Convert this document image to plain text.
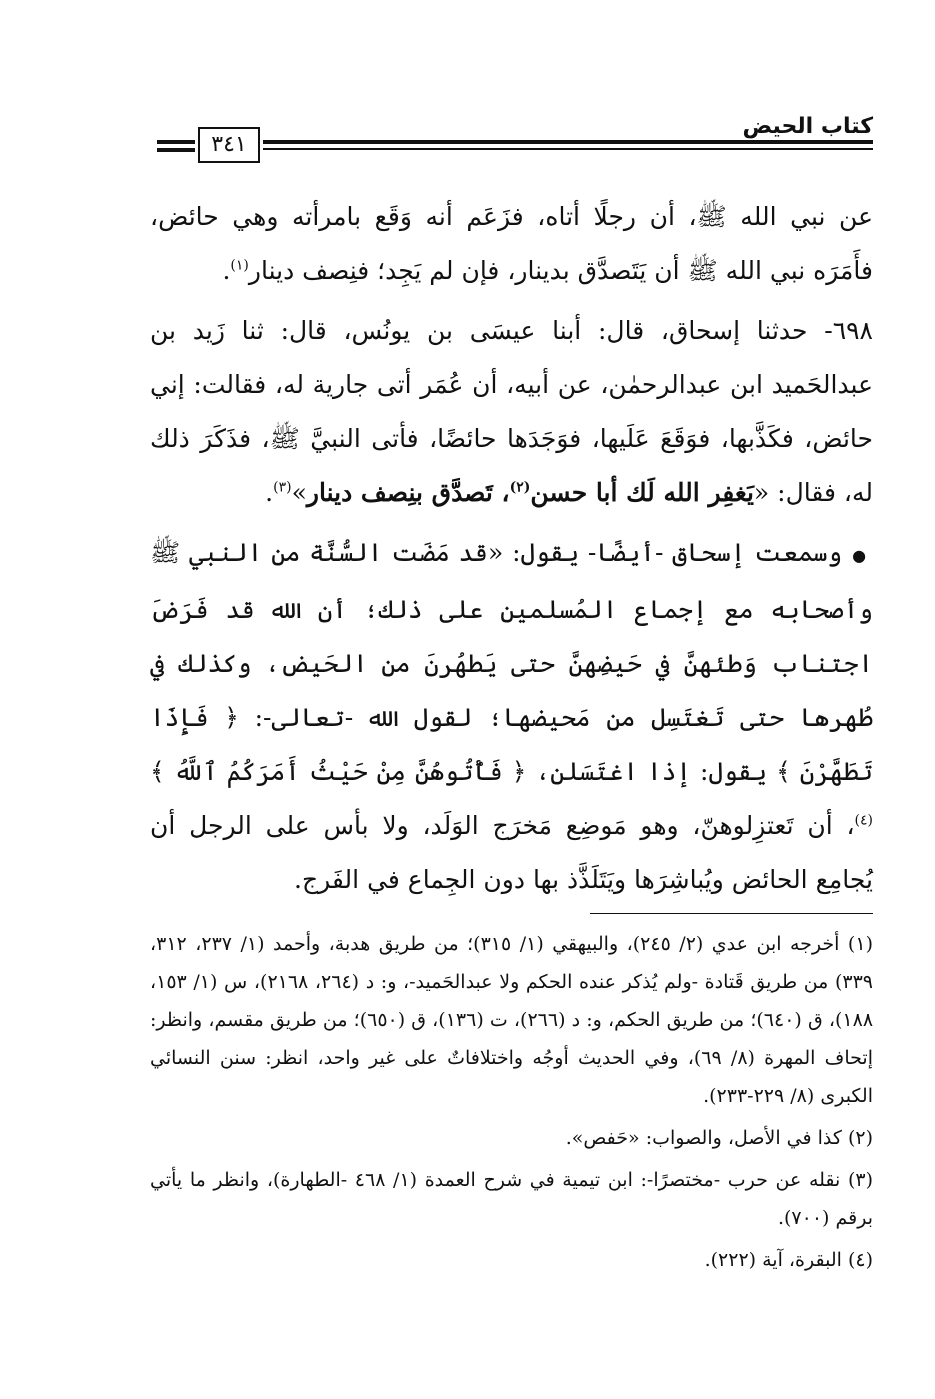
كتاب الحيض
٣٤١

عن نبي الله ﷺ، أن رجلًا أتاه، فزَعَم أنه وَقَع بامرأته وهي حائض، فأَمَرَه نبي الله ﷺ أن يَتَصدَّق بدينار، فإن لم يَجِد؛ فنِصف دينار$^{(١)}$.

٦٩٨- حدثنا إسحاق، قال: أبنا عيسَى بن يونُس، قال: ثنا زَيد بن عبدالحَميد ابن عبدالرحمٰن، عن أبيه، أن عُمَر أتى جارية له، فقالت: إني حائض، فكَذَّبها، فوَقَعَ عَلَيها، فوَجَدَها حائضًا، فأتى النبيَّ ﷺ، فذَكَرَ ذلك له، فقال: «يَغفِر الله لَك أبا حسن$^{(٢)}$، تَصدَّق بنِصف دينار»$^{(٣)}$.

●وسمعت إسحاق -أيضًا- يقول: «قد مَضَت السُّنَّة من النبي ﷺ وأصحابه مع إجماع المُسلمين على ذلك؛ أن الله قد فَرَضَ اجتناب وَطئهنَّ في حَيضِهنَّ حتى يَطهُرنَ من الحَيض، وكذلك في طُهرها حتى تَغتَسِل من مَحيضها؛ لقول الله -تعالى-: ﴿ فَإِذَا تَطَهَّرْنَ ﴾ يقول: إذا اغتَسَلن، ﴿ فَأْتُوهُنَّ مِنْ حَيْثُ أَمَرَكُمُ ٱللَّهُ ﴾$^{(٤)}$، أن تَعتزِلوهنّ، وهو مَوضِع مَخرَج الوَلَد، ولا بأس على الرجل أن يُجامِع الحائض ويُباشِرَها ويَتَلَذَّذ بها دون الجِماع في الفَرج.

(١) أخرجه ابن عدي (٢/ ٢٤٥)، والبيهقي (١/ ٣١٥)؛ من طريق هدبة، وأحمد (١/ ٢٣٧، ٣١٢، ٣٣٩) من طريق قَتادة -ولم يُذكر عنده الحكم ولا عبدالحَميد-، و: د (٢٦٤، ٢١٦٨)، س (١/ ١٥٣، ١٨٨)، ق (٦٤٠)؛ من طريق الحكم، و: د (٢٦٦)، ت (١٣٦)، ق (٦٥٠)؛ من طريق مقسم، وانظر: إتحاف المهرة (٨/ ٦٩)، وفي الحديث أوجُه واختلافاتٌ على غير واحد، انظر: سنن النسائي الكبرى (٨/ ٢٢٩-٢٣٣).

(٢) كذا في الأصل، والصواب: «حَفص».

(٣) نقله عن حرب -مختصرًا-: ابن تيمية في شرح العمدة (١/ ٤٦٨ -الطهارة)، وانظر ما يأتي برقم (٧٠٠).

(٤) البقرة، آية (٢٢٢).
